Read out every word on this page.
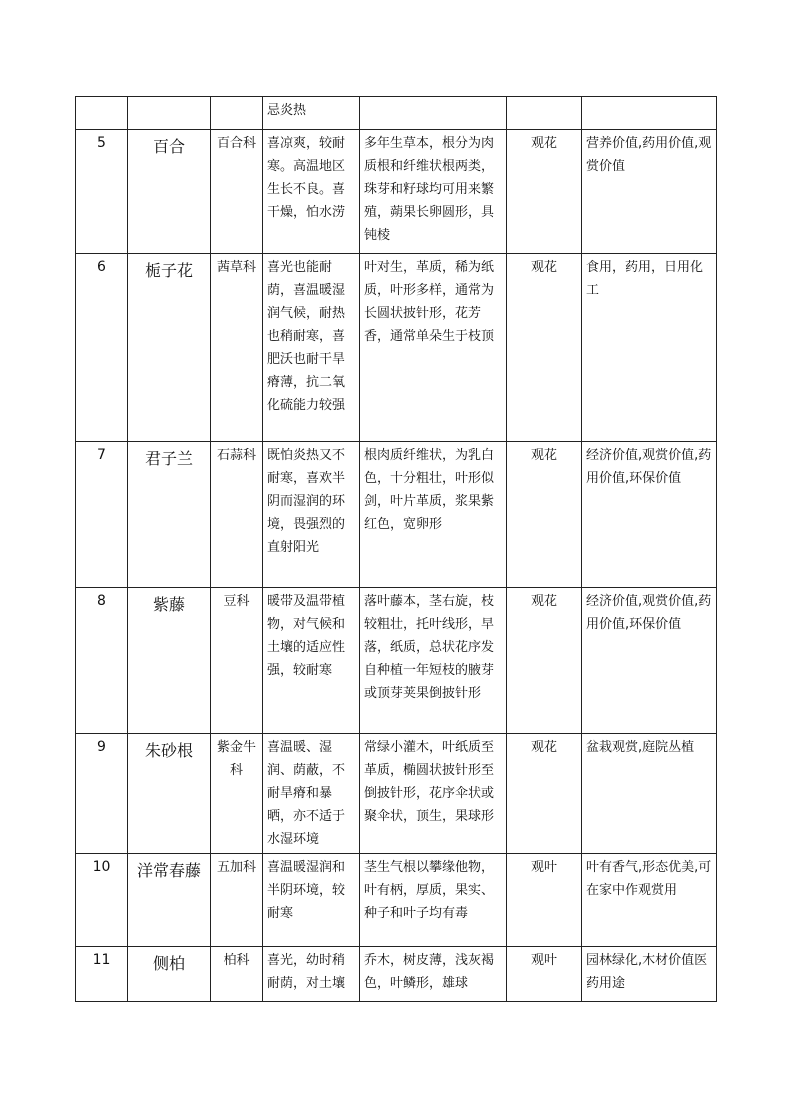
			忌炎热			
5	百合	百合科	喜凉爽，较耐寒。高温地区生长不良。喜干燥，怕水涝	多年生草本，根分为肉质根和纤维状根两类，珠芽和籽球均可用来繁殖，蒴果长卵圆形，具钝棱	观花	营养价值,药用价值,观赏价值
6	栀子花	茜草科	喜光也能耐荫，喜温暖湿润气候，耐热也稍耐寒，喜肥沃也耐干旱瘠薄，抗二氧化硫能力较强	叶对生，革质，稀为纸质，叶形多样，通常为长圆状披针形，花芳香，通常单朵生于枝顶	观花	食用，药用，日用化工
7	君子兰	石蒜科	既怕炎热又不耐寒，喜欢半阴而湿润的环境，畏强烈的直射阳光	根肉质纤维状，为乳白色，十分粗壮，叶形似剑，叶片革质，浆果紫红色，宽卵形	观花	经济价值,观赏价值,药用价值,环保价值
8	紫藤	豆科	暖带及温带植物，对气候和土壤的适应性强，较耐寒	落叶藤本，茎右旋，枝较粗壮，托叶线形，早落，纸质，总状花序发自种植一年短枝的腋芽或顶芽荚果倒披针形	观花	经济价值,观赏价值,药用价值,环保价值
9	朱砂根	紫金牛科	喜温暖、湿润、荫蔽，不耐旱瘠和暴晒，亦不适于水湿环境	常绿小灌木，叶纸质至革质，椭圆状披针形至倒披针形，花序伞状或聚伞状，顶生，果球形	观花	盆栽观赏,庭院丛植
10	洋常春藤	五加科	喜温暖湿润和半阴环境，较耐寒	茎生气根以攀缘他物，叶有柄，厚质，果实、种子和叶子均有毒	观叶	叶有香气,形态优美,可在家中作观赏用
11	侧柏	柏科	喜光，幼时稍耐荫，对土壤	乔木，树皮薄，浅灰褐色，叶鳞形，雄球	观叶	园林绿化,木材价值医药用途
